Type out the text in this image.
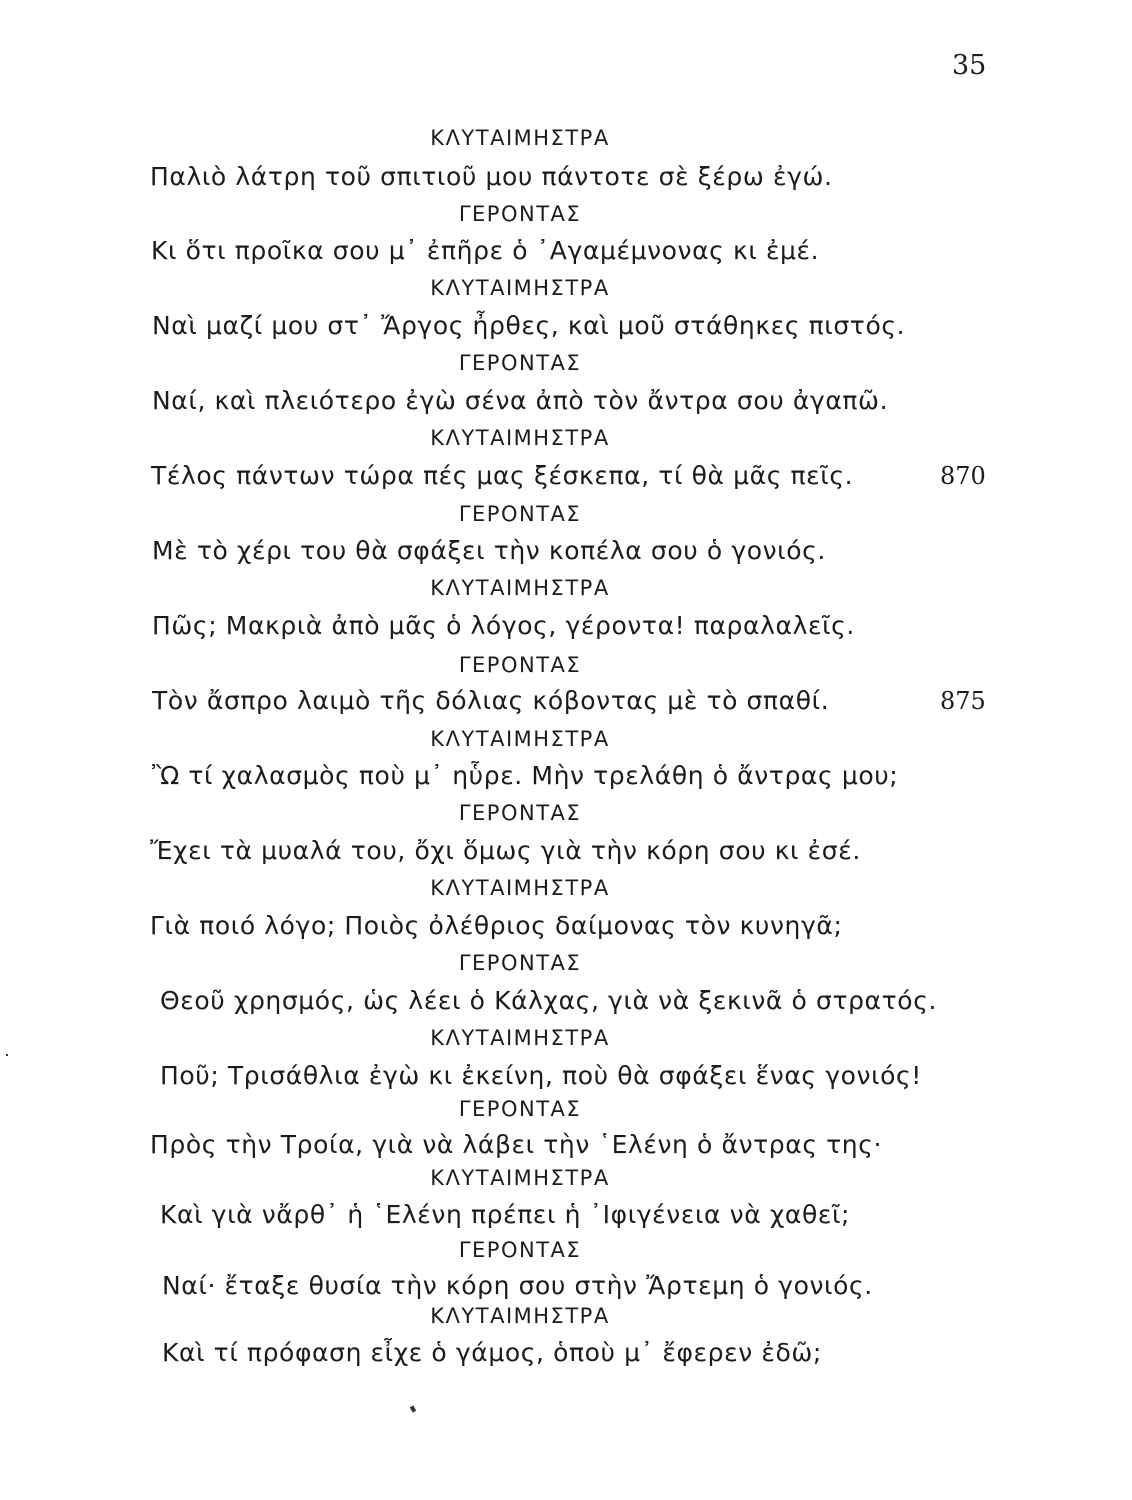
35
ΚΛΥΤΑΙΜΗΣΤΡΑ
Παλιὸ λάτρη τοῦ σπιτιοῦ μου πάντοτε σὲ ξέρω ἐγώ.
ΓΕΡΟΝΤΑΣ
Κι ὅτι προῖκα σου μ᾿ ἐπῆρε ὁ ᾿Αγαμέμνονας κι ἐμέ.
ΚΛΥΤΑΙΜΗΣΤΡΑ
Ναὶ μαζί μου στ᾿ Ἄργος ἦρθες, καὶ μοῦ στάθηκες πιστός.
ΓΕΡΟΝΤΑΣ
Ναί, καὶ πλειότερο ἐγὼ σένα ἀπὸ τὸν ἄντρα σου ἀγαπῶ.
ΚΛΥΤΑΙΜΗΣΤΡΑ
Τέλος πάντων τώρα πές μας ξέσκεπα, τί θὰ μᾶς πεῖς.	870
ΓΕΡΟΝΤΑΣ
Μὲ τὸ χέρι του θὰ σφάξει τὴν κοπέλα σου ὁ γονιός.
ΚΛΥΤΑΙΜΗΣΤΡΑ
Πῶς; Μακριὰ ἀπὸ μᾶς ὁ λόγος, γέροντα! παραλαλεῖς.
ΓΕΡΟΝΤΑΣ
Τὸν ἄσπρο λαιμὸ τῆς δόλιας κόβοντας μὲ τὸ σπαθί.	875
ΚΛΥΤΑΙΜΗΣΤΡΑ
Ὢ τί χαλασμὸς ποὺ μ᾿ ηὗρε. Μὴν τρελάθη ὁ ἄντρας μου;
ΓΕΡΟΝΤΑΣ
Ἔχει τὰ μυαλά του, ὄχι ὅμως γιὰ τὴν κόρη σου κι ἐσέ.
ΚΛΥΤΑΙΜΗΣΤΡΑ
Γιὰ ποιό λόγο; Ποιὸς ὀλέθριος δαίμονας τὸν κυνηγᾶ;
ΓΕΡΟΝΤΑΣ
Θεοῦ χρησμός, ὡς λέει ὁ Κάλχας, γιὰ νὰ ξεκινᾶ ὁ στρατός.
ΚΛΥΤΑΙΜΗΣΤΡΑ
Ποῦ; Τρισάθλια ἐγὼ κι ἐκείνη, ποὺ θὰ σφάξει ἕνας γονιός!
ΓΕΡΟΝΤΑΣ
Πρὸς τὴν Τροία, γιὰ νὰ λάβει τὴν ῾Ελένη ὁ ἄντρας της·
ΚΛΥΤΑΙΜΗΣΤΡΑ
Καὶ γιὰ νἄρθ᾿ ἡ ῾Ελένη πρέπει ἡ ᾿Ιφιγένεια νὰ χαθεῖ;
ΓΕΡΟΝΤΑΣ
Ναί· ἔταξε θυσία τὴν κόρη σου στὴν Ἄρτεμη ὁ γονιός.
ΚΛΥΤΑΙΜΗΣΤΡΑ
Καὶ τί πρόφαση εἶχε ὁ γάμος, ὁπoὺ μ᾿ ἔφερεν ἐδῶ;
